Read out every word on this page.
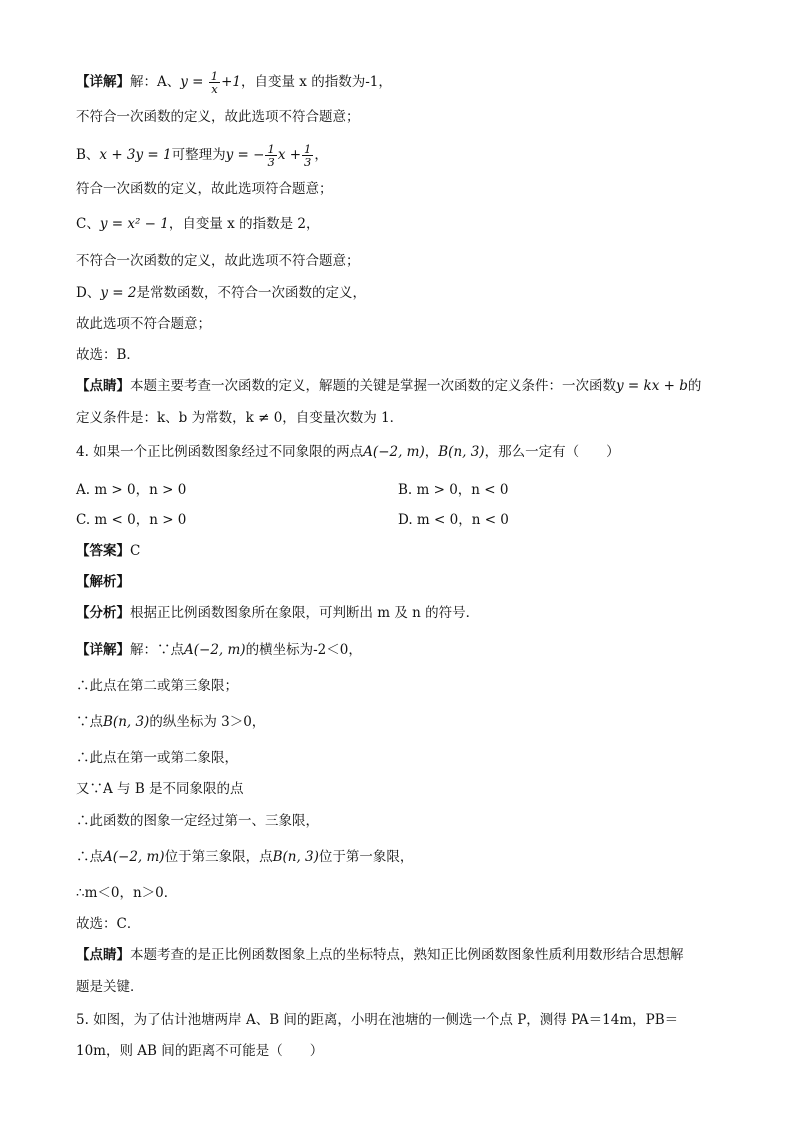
【详解】解：A、$y = \frac{1}{x} +1$，自变量 x 的指数为-1，
不符合一次函数的定义，故此选项不符合题意；
B、x + 3y = 1可整理为y = − $\frac{1}{3}$ $x + \frac{1}{3}$ ，
符合一次函数的定义，故此选项符合题意；
C、y = x² − 1，自变量 x 的指数是 2，
不符合一次函数的定义，故此选项不符合题意；
D、y = 2是常数函数，不符合一次函数的定义，
故此选项不符合题意；
故选：B．
【点睛】本题主要考查一次函数的定义，解题的关键是掌握一次函数的定义条件：一次函数y = kx + b的
定义条件是：k、b 为常数，k ≠ 0，自变量次数为 1．
4. 如果一个正比例函数图象经过不同象限的两点A(−2, m)，B(n, 3)，那么一定有（　　）
A. m > 0，n > 0	B. m > 0，n < 0
C. m < 0，n > 0	D. m < 0，n < 0
【答案】C
【解析】
【分析】根据正比例函数图象所在象限，可判断出 m 及 n 的符号．
【详解】解：∵点A(−2, m)的横坐标为-2＜0，
∴此点在第二或第三象限；
∵点B(n, 3)的纵坐标为 3＞0，
∴此点在第一或第二象限，
又∵A 与 B 是不同象限的点
∴此函数的图象一定经过第一、三象限，
∴点A(−2, m)位于第三象限，点B(n, 3)位于第一象限，
∴m＜0，n＞0．
故选：C．
【点睛】本题考查的是正比例函数图象上点的坐标特点，熟知正比例函数图象性质利用数形结合思想解
题是关键．
5. 如图，为了估计池塘两岸 A、B 间的距离，小明在池塘的一侧选一个点 P，测得 PA＝14m，PB＝
10m，则 AB 间的距离不可能是（　　）
